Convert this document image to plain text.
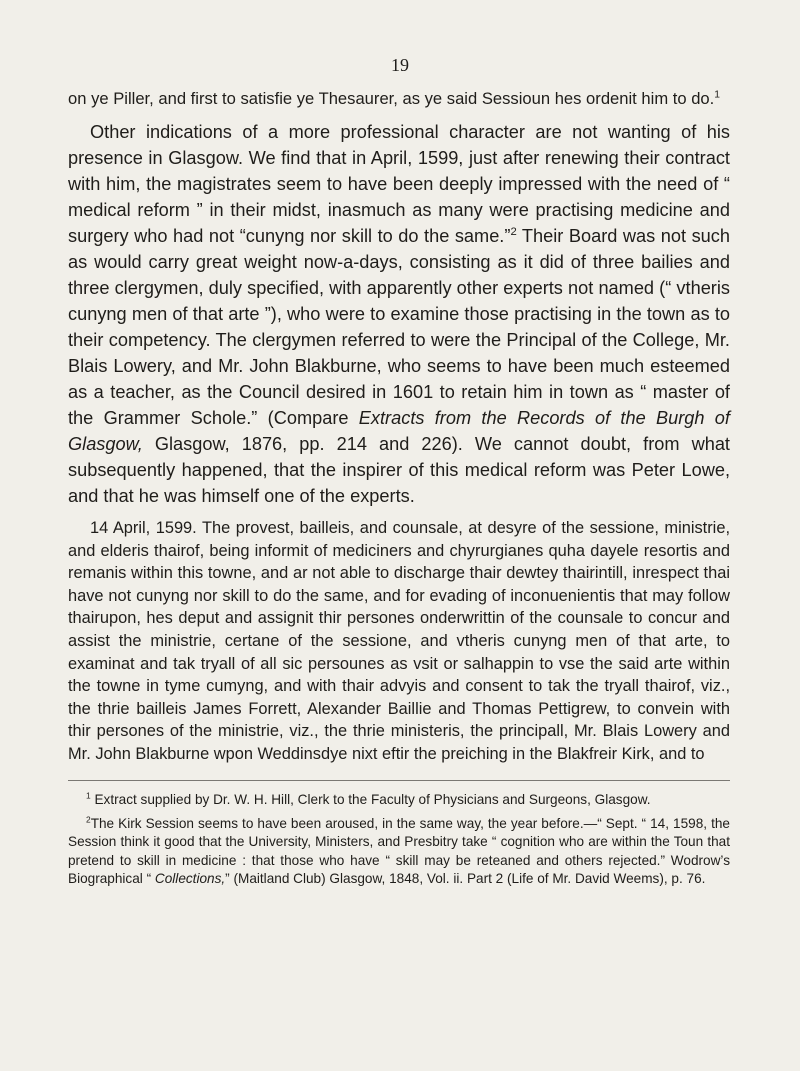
19

on ye Piller, and first to satisfie ye Thesaurer, as ye said Sessioun hes ordenit him to do.$^1$

Other indications of a more professional character are not wanting of his presence in Glasgow. We find that in April, 1599, just after renewing their contract with him, the magistrates seem to have been deeply impressed with the need of “ medical reform ” in their midst, inasmuch as many were practising medicine and surgery who had not “cunyng nor skill to do the same.”$^2$ Their Board was not such as would carry great weight now-a-days, consisting as it did of three bailies and three clergymen, duly specified, with apparently other experts not named (“ vtheris cunyng men of that arte ”), who were to examine those practising in the town as to their competency. The clergymen referred to were the Principal of the College, Mr. Blais Lowery, and Mr. John Blakburne, who seems to have been much esteemed as a teacher, as the Council desired in 1601 to retain him in town as “ master of the Grammer Schole.” (Compare Extracts from the Records of the Burgh of Glasgow, Glasgow, 1876, pp. 214 and 226). We cannot doubt, from what subsequently happened, that the inspirer of this medical reform was Peter Lowe, and that he was himself one of the experts.

14 April, 1599. The provest, bailleis, and counsale, at desyre of the sessione, ministrie, and elderis thairof, being informit of mediciners and chyrurgianes quha dayele resortis and remanis within this towne, and ar not able to discharge thair dewtey thairintill, inrespect thai have not cunyng nor skill to do the same, and for evading of inconuenientis that may follow thairupon, hes deput and assignit thir persones onderwrittin of the counsale to concur and assist the ministrie, certane of the sessione, and vtheris cunyng men of that arte, to examinat and tak tryall of all sic persounes as vsit or salhappin to vse the said arte within the towne in tyme cumyng, and with thair advyis and consent to tak the tryall thairof, viz., the thrie bailleis James Forrett, Alexander Baillie and Thomas Pettigrew, to convein with thir persones of the ministrie, viz., the thrie ministeris, the principall, Mr. Blais Lowery and Mr. John Blakburne wpon Weddinsdye nixt eftir the preiching in the Blakfreir Kirk, and to

$^1$ Extract supplied by Dr. W. H. Hill, Clerk to the Faculty of Physicians and Surgeons, Glasgow.

$^2$The Kirk Session seems to have been aroused, in the same way, the year before.—“ Sept. “ 14, 1598, the Session think it good that the University, Ministers, and Presbitry take “ cognition who are within the Toun that pretend to skill in medicine : that those who have “ skill may be reteaned and others rejected.” Wodrow’s Biographical “ Collections,” (Maitland Club) Glasgow, 1848, Vol. ii. Part 2 (Life of Mr. David Weems), p. 76.
